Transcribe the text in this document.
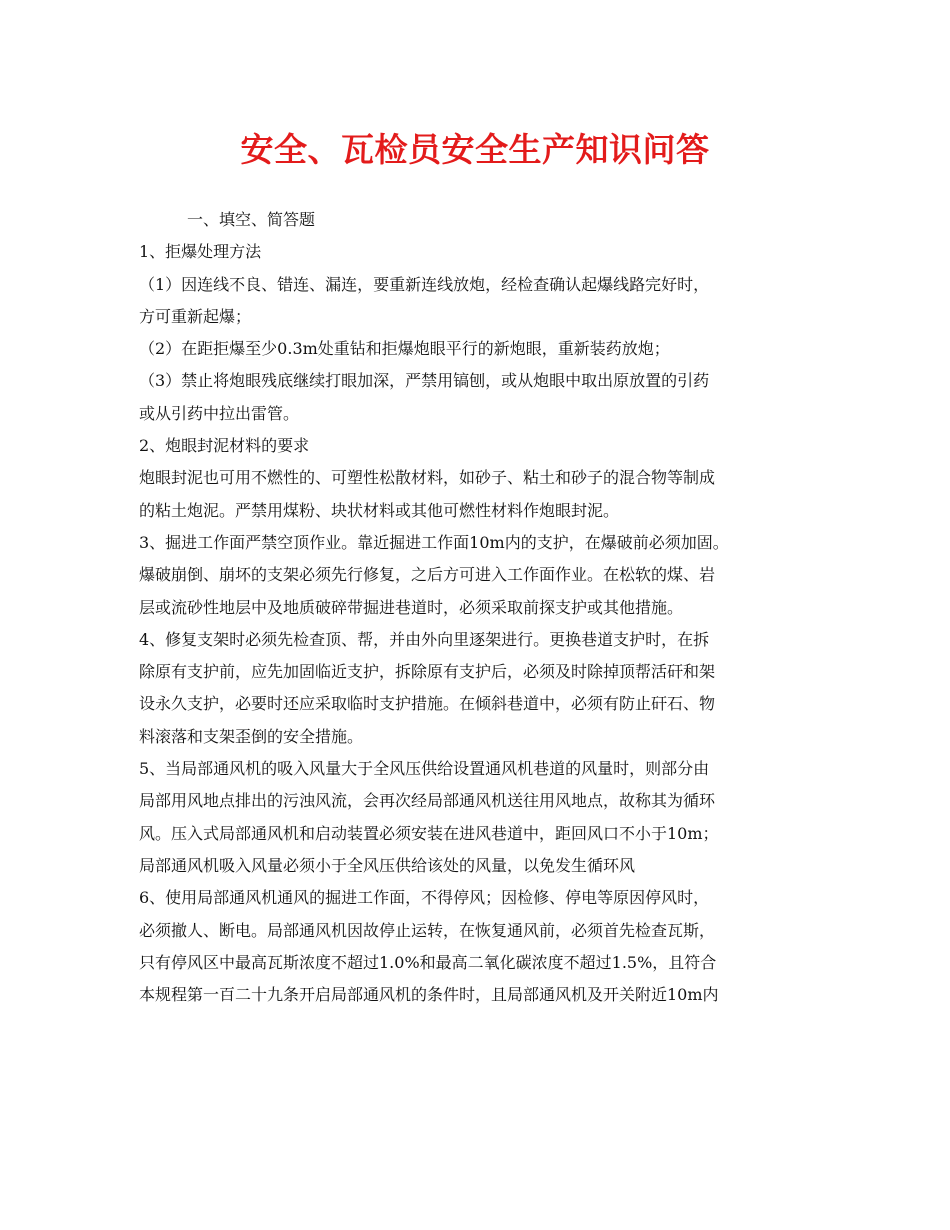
安全、瓦检员安全生产知识问答
一、填空、简答题
1、拒爆处理方法
（1）因连线不良、错连、漏连，要重新连线放炮，经检查确认起爆线路完好时，
方可重新起爆；
（2）在距拒爆至少0.3m处重钻和拒爆炮眼平行的新炮眼，重新装药放炮；
（3）禁止将炮眼残底继续打眼加深，严禁用镐刨，或从炮眼中取出原放置的引药
或从引药中拉出雷管。
2、炮眼封泥材料的要求
炮眼封泥也可用不燃性的、可塑性松散材料，如砂子、粘土和砂子的混合物等制成
的粘土炮泥。严禁用煤粉、块状材料或其他可燃性材料作炮眼封泥。
3、掘进工作面严禁空顶作业。靠近掘进工作面10m内的支护，在爆破前必须加固。
爆破崩倒、崩坏的支架必须先行修复，之后方可进入工作面作业。在松软的煤、岩
层或流砂性地层中及地质破碎带掘进巷道时，必须采取前探支护或其他措施。
4、修复支架时必须先检查顶、帮，并由外向里逐架进行。更换巷道支护时，在拆
除原有支护前，应先加固临近支护，拆除原有支护后，必须及时除掉顶帮活矸和架
设永久支护，必要时还应采取临时支护措施。在倾斜巷道中，必须有防止矸石、物
料滚落和支架歪倒的安全措施。
5、当局部通风机的吸入风量大于全风压供给设置通风机巷道的风量时，则部分由
局部用风地点排出的污浊风流，会再次经局部通风机送往用风地点，故称其为循环
风。压入式局部通风机和启动装置必须安装在进风巷道中，距回风口不小于10m；
局部通风机吸入风量必须小于全风压供给该处的风量，以免发生循环风
6、使用局部通风机通风的掘进工作面，不得停风；因检修、停电等原因停风时，
必须撤人、断电。局部通风机因故停止运转，在恢复通风前，必须首先检查瓦斯，
只有停风区中最高瓦斯浓度不超过1.0%和最高二氧化碳浓度不超过1.5%，且符合
本规程第一百二十九条开启局部通风机的条件时，且局部通风机及开关附近10m内
